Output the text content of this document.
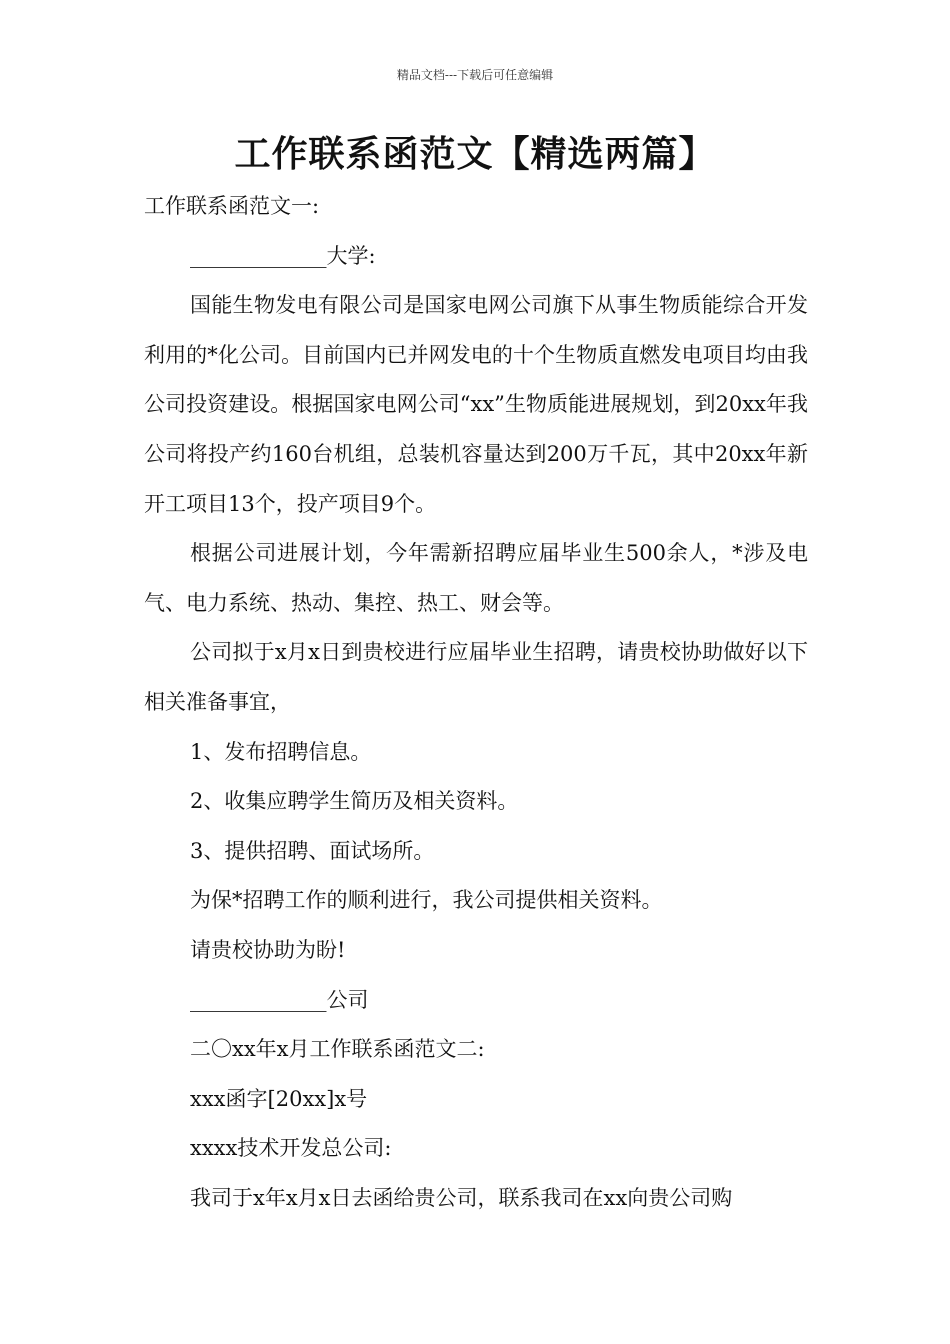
精品文档---下载后可任意编辑
工作联系函范文【精选两篇】

工作联系函范文一:

_____________大学:

国能生物发电有限公司是国家电网公司旗下从事生物质能综合开发利用的*化公司。目前国内已并网发电的十个生物质直燃发电项目均由我公司投资建设。根据国家电网公司“xx”生物质能进展规划，到20xx年我公司将投产约160台机组，总装机容量达到200万千瓦，其中20xx年新开工项目13个，投产项目9个。

根据公司进展计划，今年需新招聘应届毕业生500余人，*涉及电气、电力系统、热动、集控、热工、财会等。

公司拟于x月x日到贵校进行应届毕业生招聘，请贵校协助做好以下相关准备事宜，

1、发布招聘信息。

2、收集应聘学生简历及相关资料。

3、提供招聘、面试场所。

为保*招聘工作的顺利进行，我公司提供相关资料。

请贵校协助为盼!

_____________公司

二〇xx年x月工作联系函范文二:

xxx函字[20xx]x号

xxxx技术开发总公司:

我司于x年x月x日去函给贵公司，联系我司在xx向贵公司购
